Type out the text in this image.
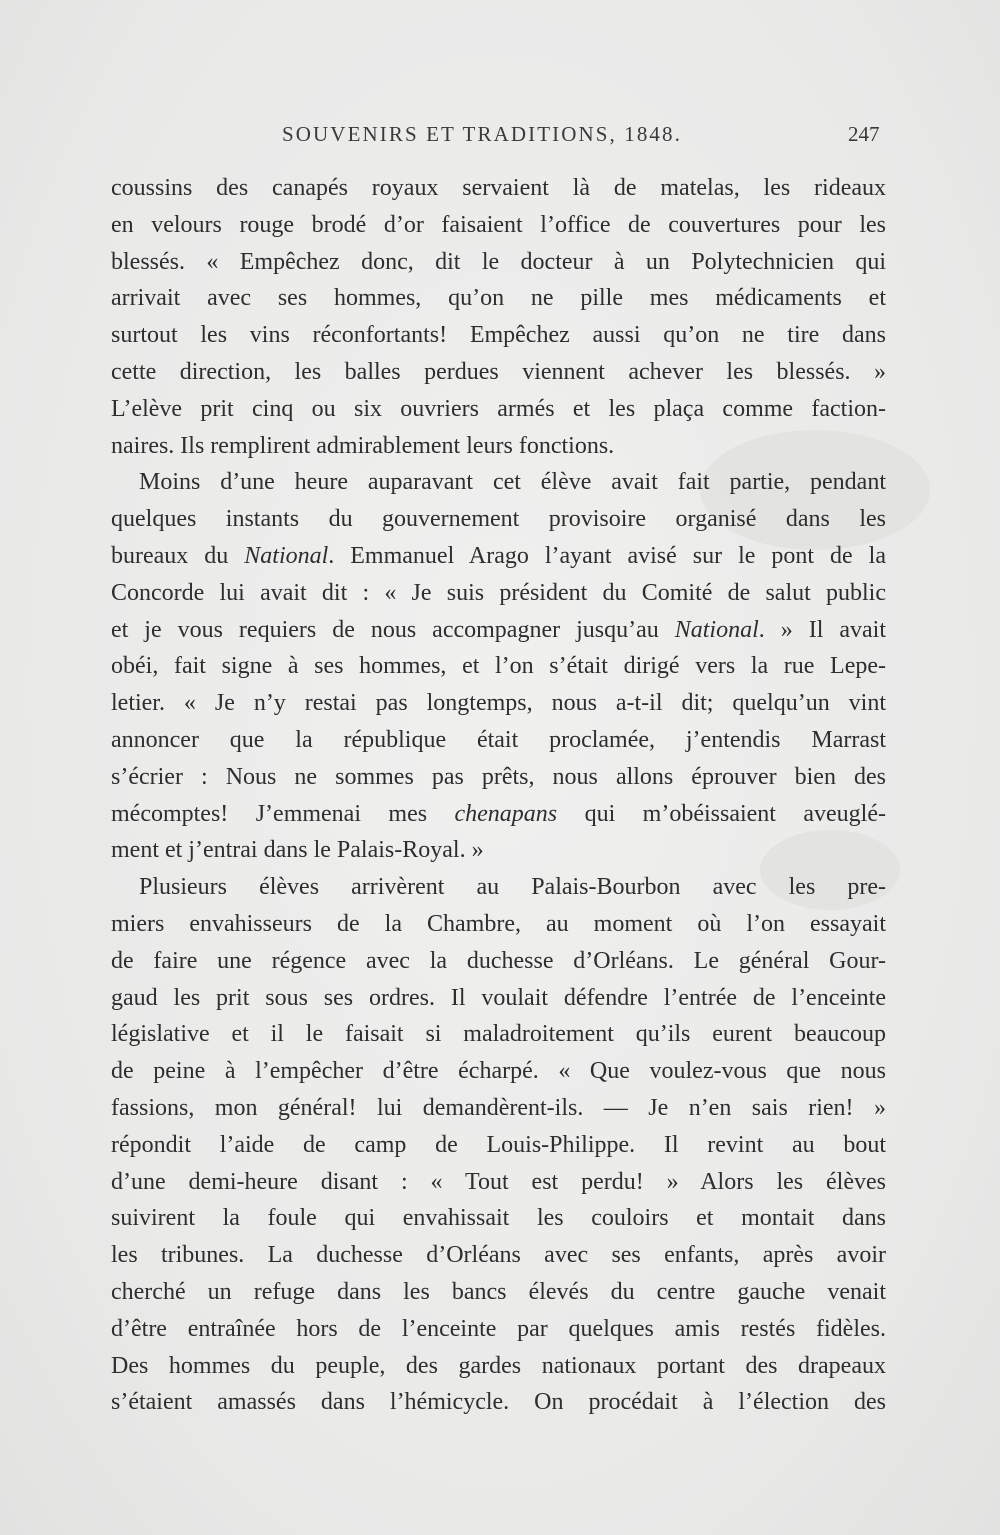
SOUVENIRS ET TRADITIONS, 1848.	247
coussins des canapés royaux servaient là de matelas, les rideaux
en velours rouge brodé d’or faisaient l’office de couvertures pour les
blessés. « Empêchez donc, dit le docteur à un Polytechnicien qui
arrivait avec ses hommes, qu’on ne pille mes médicaments et
surtout les vins réconfortants! Empêchez aussi qu’on ne tire dans
cette direction, les balles perdues viennent achever les blessés. »
L’elève prit cinq ou six ouvriers armés et les plaça comme faction-
naires. Ils remplirent admirablement leurs fonctions.
Moins d’une heure auparavant cet élève avait fait partie, pendant
quelques instants du gouvernement provisoire organisé dans les
bureaux du National. Emmanuel Arago l’ayant avisé sur le pont de la
Concorde lui avait dit : « Je suis président du Comité de salut public
et je vous requiers de nous accompagner jusqu’au National. » Il avait
obéi, fait signe à ses hommes, et l’on s’était dirigé vers la rue Lepe-
letier. « Je n’y restai pas longtemps, nous a-t-il dit; quelqu’un vint
annoncer que la république était proclamée, j’entendis Marrast
s’écrier : Nous ne sommes pas prêts, nous allons éprouver bien des
mécomptes! J’emmenai mes chenapans qui m’obéissaient aveuglé-
ment et j’entrai dans le Palais-Royal. »
Plusieurs élèves arrivèrent au Palais-Bourbon avec les pre-
miers envahisseurs de la Chambre, au moment où l’on essayait
de faire une régence avec la duchesse d’Orléans. Le général Gour-
gaud les prit sous ses ordres. Il voulait défendre l’entrée de l’enceinte
législative et il le faisait si maladroitement qu’ils eurent beaucoup
de peine à l’empêcher d’être écharpé. « Que voulez-vous que nous
fassions, mon général! lui demandèrent-ils. — Je n’en sais rien! »
répondit l’aide de camp de Louis-Philippe. Il revint au bout
d’une demi-heure disant : « Tout est perdu! » Alors les élèves
suivirent la foule qui envahissait les couloirs et montait dans
les tribunes. La duchesse d’Orléans avec ses enfants, après avoir
cherché un refuge dans les bancs élevés du centre gauche venait
d’être entraînée hors de l’enceinte par quelques amis restés fidèles.
Des hommes du peuple, des gardes nationaux portant des drapeaux
s’étaient amassés dans l’hémicycle. On procédait à l’élection des
